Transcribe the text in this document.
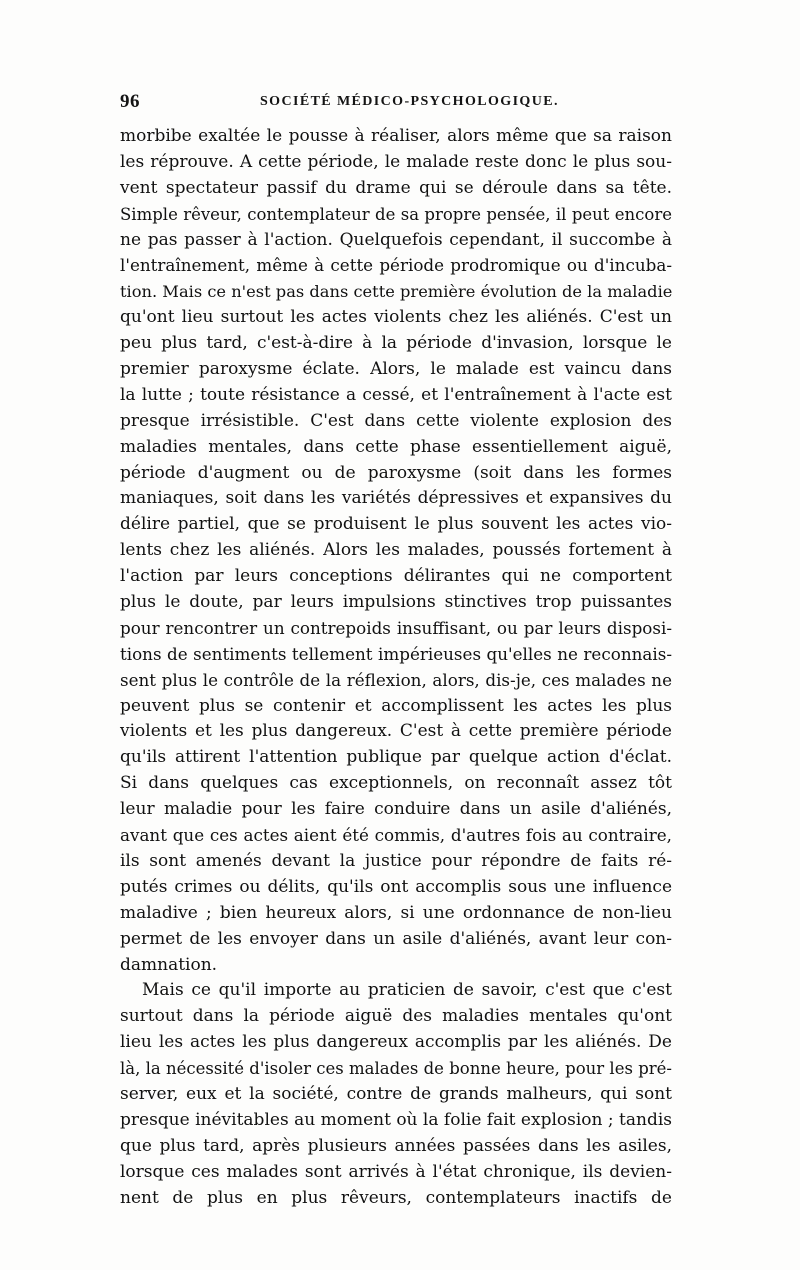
96	SOCIÉTÉ MÉDICO-PSYCHOLOGIQUE.
morbibe exaltée le pousse à réaliser, alors même que sa raison
les réprouve. A cette période, le malade reste donc le plus sou-
vent spectateur passif du drame qui se déroule dans sa tête.
Simple rêveur, contemplateur de sa propre pensée, il peut encore
ne pas passer à l'action. Quelquefois cependant, il succombe à
l'entraînement, même à cette période prodromique ou d'incuba-
tion. Mais ce n'est pas dans cette première évolution de la maladie
qu'ont lieu surtout les actes violents chez les aliénés. C'est un
peu plus tard, c'est-à-dire à la période d'invasion, lorsque le
premier paroxysme éclate. Alors, le malade est vaincu dans
la lutte ; toute résistance a cessé, et l'entraînement à l'acte est
presque irrésistible. C'est dans cette violente explosion des
maladies mentales, dans cette phase essentiellement aiguë,
période d'augment ou de paroxysme (soit dans les formes
maniaques, soit dans les variétés dépressives et expansives du
délire partiel, que se produisent le plus souvent les actes vio-
lents chez les aliénés. Alors les malades, poussés fortement à
l'action par leurs conceptions délirantes qui ne comportent
plus le doute, par leurs impulsions stinctives trop puissantes
pour rencontrer un contrepoids insuffisant, ou par leurs disposi-
tions de sentiments tellement impérieuses qu'elles ne reconnais-
sent plus le contrôle de la réflexion, alors, dis-je, ces malades ne
peuvent plus se contenir et accomplissent les actes les plus
violents et les plus dangereux. C'est à cette première période
qu'ils attirent l'attention publique par quelque action d'éclat.
Si dans quelques cas exceptionnels, on reconnaît assez tôt
leur maladie pour les faire conduire dans un asile d'aliénés,
avant que ces actes aient été commis, d'autres fois au contraire,
ils sont amenés devant la justice pour répondre de faits ré-
putés crimes ou délits, qu'ils ont accomplis sous une influence
maladive ; bien heureux alors, si une ordonnance de non-lieu
permet de les envoyer dans un asile d'aliénés, avant leur con-
damnation.
Mais ce qu'il importe au praticien de savoir, c'est que c'est
surtout dans la période aiguë des maladies mentales qu'ont
lieu les actes les plus dangereux accomplis par les aliénés. De
là, la nécessité d'isoler ces malades de bonne heure, pour les pré-
server, eux et la société, contre de grands malheurs, qui sont
presque inévitables au moment où la folie fait explosion ; tandis
que plus tard, après plusieurs années passées dans les asiles,
lorsque ces malades sont arrivés à l'état chronique, ils devien-
nent de plus en plus rêveurs, contemplateurs inactifs de
